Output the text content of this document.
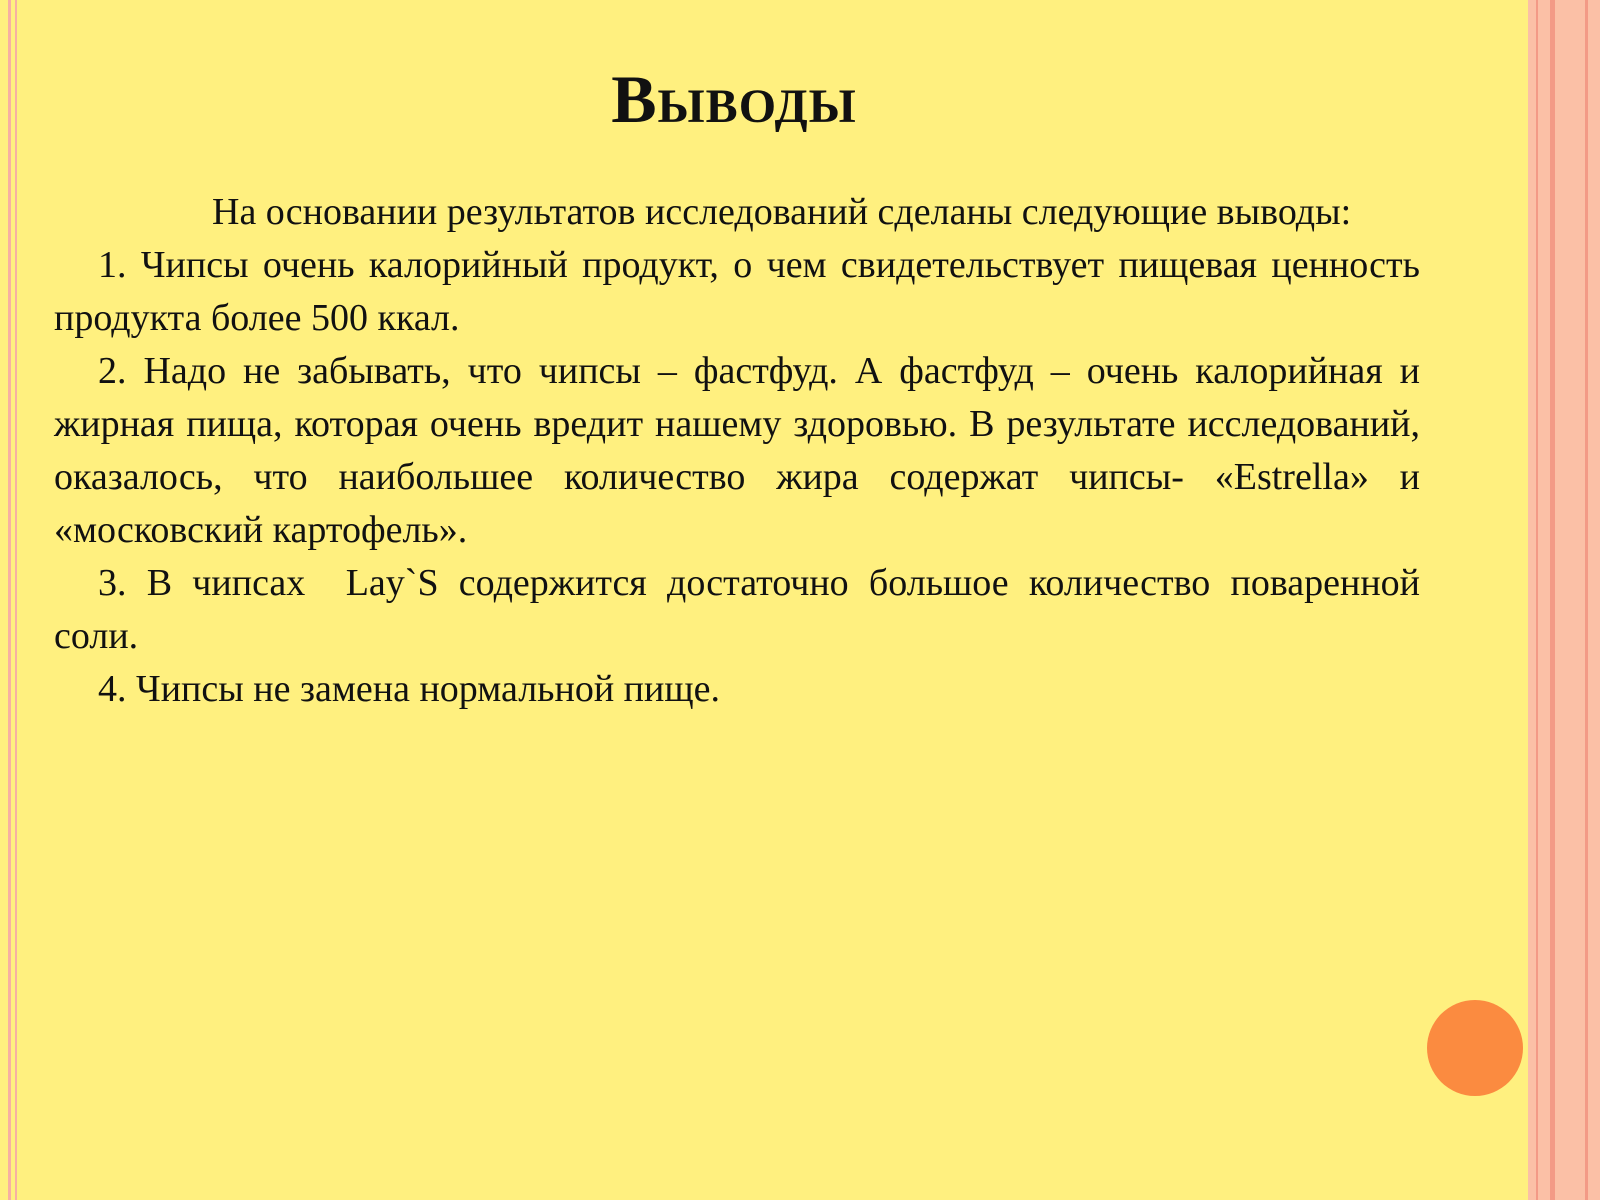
Выводы

На основании результатов исследований сделаны следующие выводы:

1. Чипсы очень калорийный продукт, о чем свидетельствует пищевая ценность продукта более 500 ккал.

2. Надо не забывать, что чипсы – фастфуд. А фастфуд – очень калорийная и жирная пища, которая очень вредит нашему здоровью. В результате исследований, оказалось, что наибольшее количество жира содержат чипсы- «Estrella» и «московский картофель».

3. В чипсах  Lay`S содержится достаточно большое количество поваренной        соли.

4. Чипсы не замена нормальной пище.
